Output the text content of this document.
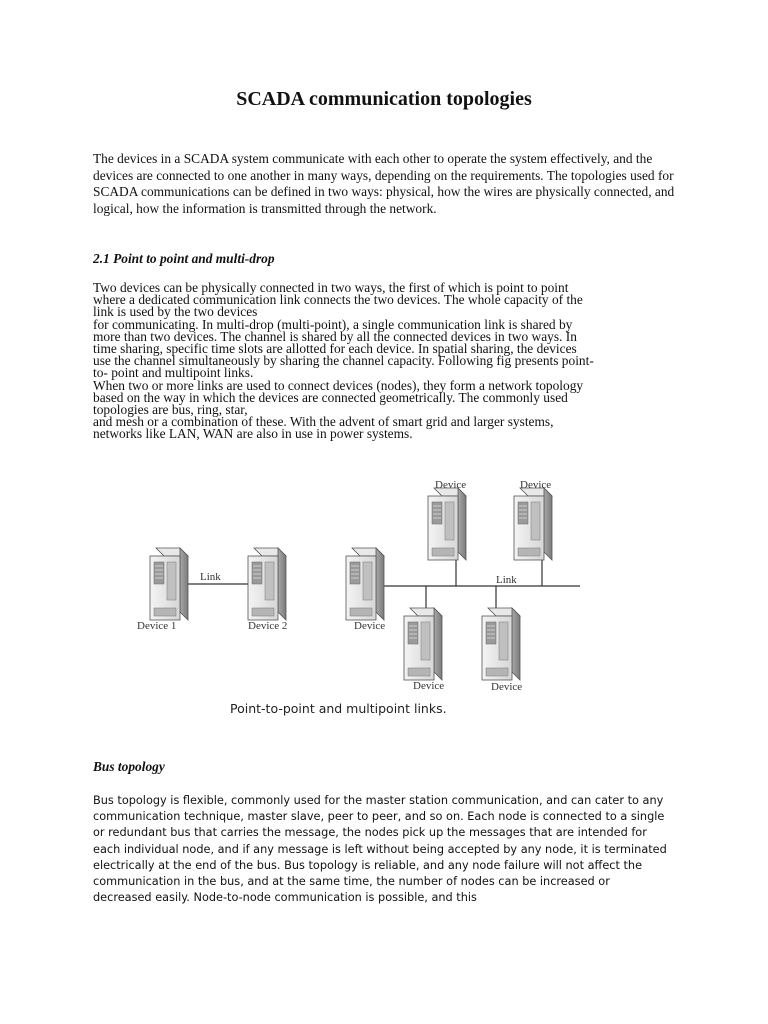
SCADA communication topologies

The devices in a SCADA system communicate with each other to operate the system effectively, and the devices are connected to one another in many ways, depending on the requirements. The topologies used for SCADA communications can be defined in two ways: physical, how the wires are physically connected, and logical, how the information is transmitted through the network.

2.1 Point to point and multi-drop

Two devices can be physically connected in two ways, the first of which is point to point
where a dedicated communication link connects the two devices. The whole capacity of the
link is used by the two devices
for communicating. In multi-drop (multi-point), a single communication link is shared by
more than two devices. The channel is shared by all the connected devices in two ways. In
time sharing, specific time slots are allotted for each device. In spatial sharing, the devices
use the channel simultaneously by sharing the channel capacity. Following fig presents point-
to- point and multipoint links.
When two or more links are used to connect devices (nodes), they form a network topology
based on the way in which the devices are connected geometrically. The commonly used
topologies are bus, ring, star,
and mesh or a combination of these. With the advent of smart grid and larger systems,
networks like LAN, WAN are also in use in power systems.

Link
Device 1	Device 2
Link
Device
Device	Device
Device	Device

Point-to-point and multipoint links.

Bus topology

Bus topology is flexible, commonly used for the master station communication, and can cater to any
communication technique, master slave, peer to peer, and so on. Each node is connected to a single
or redundant bus that carries the message, the nodes pick up the messages that are intended for
each individual node, and if any message is left without being accepted by any node, it is terminated
electrically at the end of the bus. Bus topology is reliable, and any node failure will not affect the
communication in the bus, and at the same time, the number of nodes can be increased or
decreased easily. Node-to-node communication is possible, and this
